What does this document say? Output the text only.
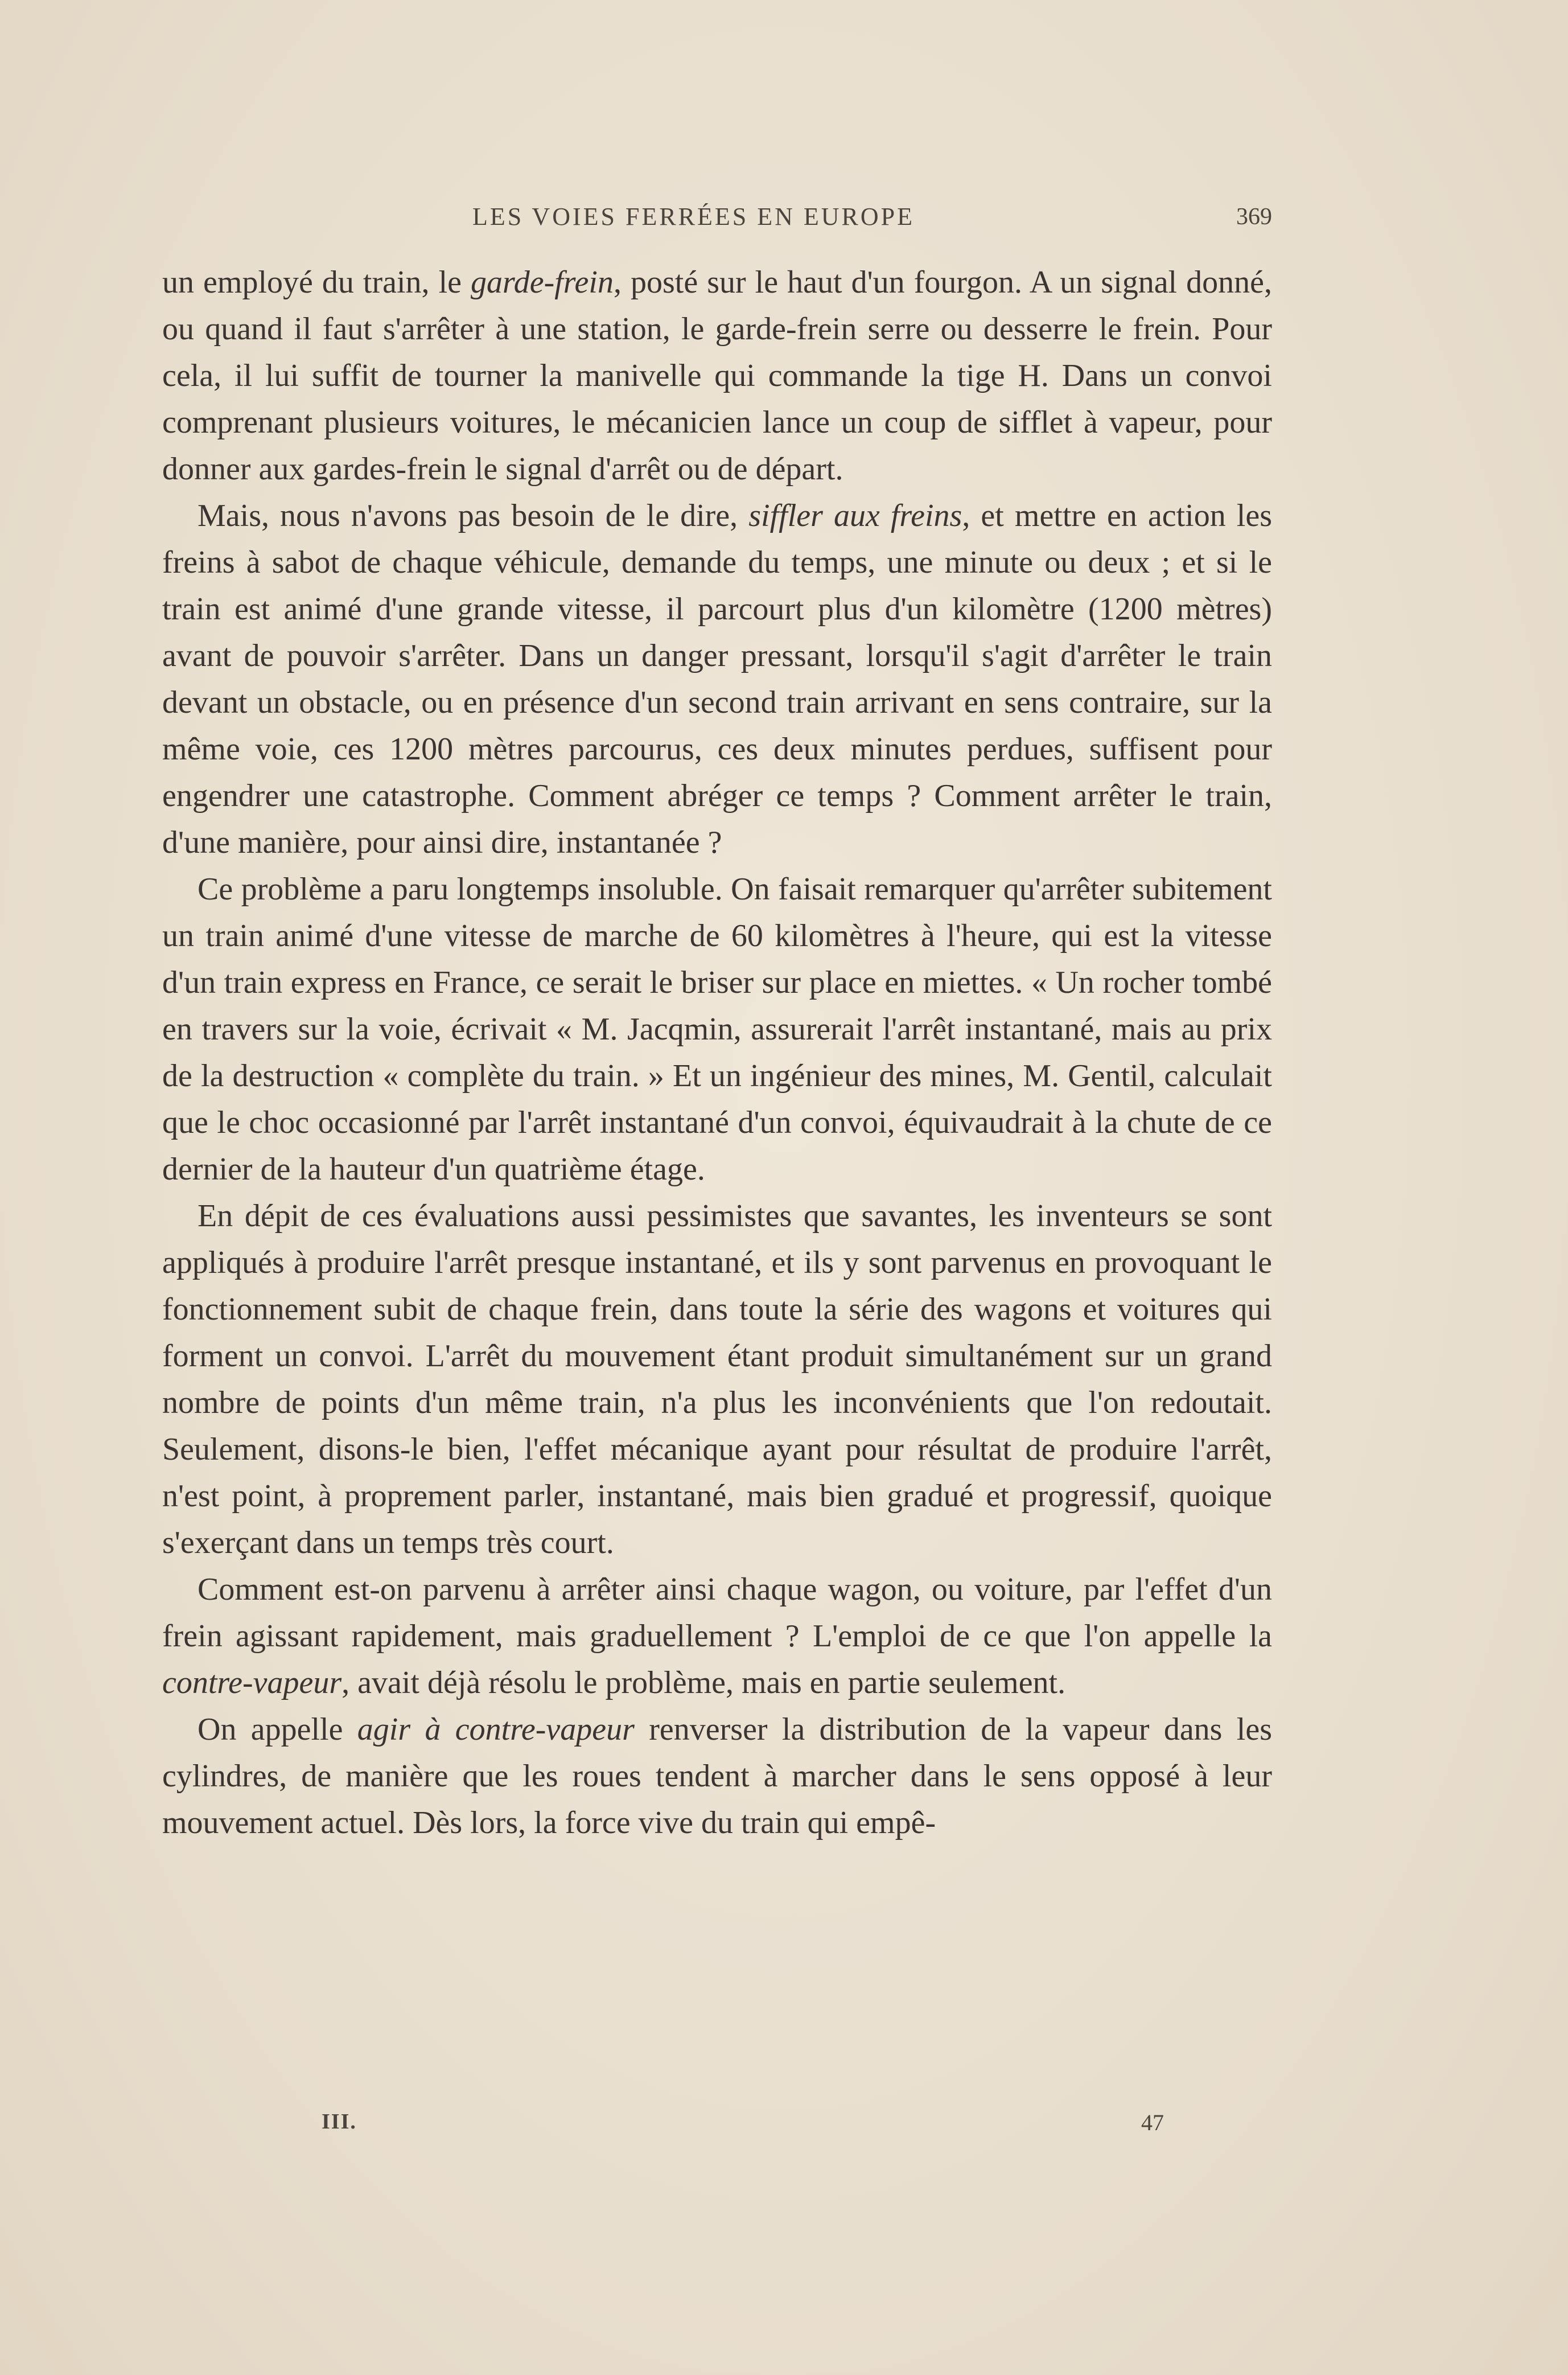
LES VOIES FERRÉES EN EUROPE	369

un employé du train, le garde-frein, posté sur le haut d'un fourgon. A un signal donné, ou quand il faut s'arrêter à une station, le garde-frein serre ou desserre le frein. Pour cela, il lui suffit de tourner la manivelle qui commande la tige H. Dans un convoi comprenant plusieurs voitures, le mécanicien lance un coup de sifflet à vapeur, pour donner aux gardes-frein le signal d'arrêt ou de départ.

Mais, nous n'avons pas besoin de le dire, siffler aux freins, et mettre en action les freins à sabot de chaque véhicule, demande du temps, une minute ou deux ; et si le train est animé d'une grande vitesse, il parcourt plus d'un kilomètre (1200 mètres) avant de pouvoir s'arrêter. Dans un danger pressant, lorsqu'il s'agit d'arrêter le train devant un obstacle, ou en présence d'un second train arrivant en sens contraire, sur la même voie, ces 1200 mètres parcourus, ces deux minutes perdues, suffisent pour engendrer une catastrophe. Comment abréger ce temps ? Comment arrêter le train, d'une manière, pour ainsi dire, instantanée ?

Ce problème a paru longtemps insoluble. On faisait remarquer qu'arrêter subitement un train animé d'une vitesse de marche de 60 kilomètres à l'heure, qui est la vitesse d'un train express en France, ce serait le briser sur place en miettes. « Un rocher tombé en travers sur la voie, écrivait « M. Jacqmin, assurerait l'arrêt instantané, mais au prix de la destruction « complète du train. » Et un ingénieur des mines, M. Gentil, calculait que le choc occasionné par l'arrêt instantané d'un convoi, équivaudrait à la chute de ce dernier de la hauteur d'un quatrième étage.

En dépit de ces évaluations aussi pessimistes que savantes, les inventeurs se sont appliqués à produire l'arrêt presque instantané, et ils y sont parvenus en provoquant le fonctionnement subit de chaque frein, dans toute la série des wagons et voitures qui forment un convoi. L'arrêt du mouvement étant produit simultanément sur un grand nombre de points d'un même train, n'a plus les inconvénients que l'on redoutait. Seulement, disons-le bien, l'effet mécanique ayant pour résultat de produire l'arrêt, n'est point, à proprement parler, instantané, mais bien gradué et progressif, quoique s'exerçant dans un temps très court.

Comment est-on parvenu à arrêter ainsi chaque wagon, ou voiture, par l'effet d'un frein agissant rapidement, mais graduellement ? L'emploi de ce que l'on appelle la contre-vapeur, avait déjà résolu le problème, mais en partie seulement.

On appelle agir à contre-vapeur renverser la distribution de la vapeur dans les cylindres, de manière que les roues tendent à marcher dans le sens opposé à leur mouvement actuel. Dès lors, la force vive du train qui empê-

III.	47
